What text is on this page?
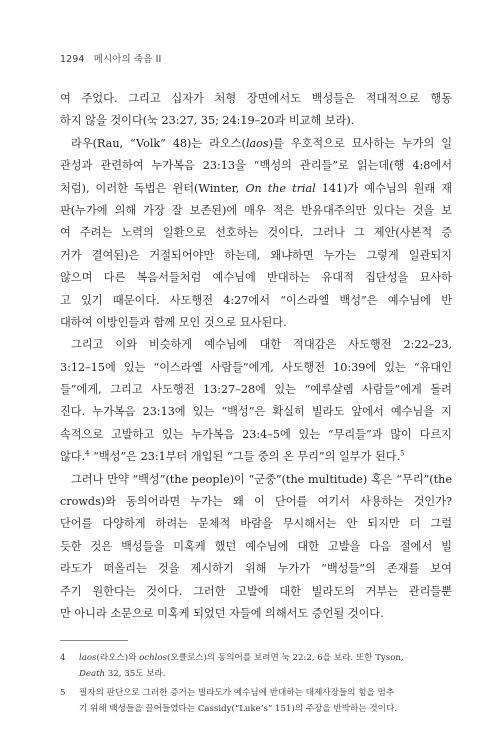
1294 메시아의 죽음 II
여 주었다. 그리고 십자가 처형 장면에서도 백성들은 적대적으로 행동
하지 않을 것이다(눅 23:27, 35; 24:19–20과 비교해 보라).
라우(Rau, “Volk” 48)는 라오스(laos)를 우호적으로 묘사하는 누가의 일
관성과 관련하여 누가복음 23:13을 “백성의 관리들”로 읽는데(행 4:8에서
처럼), 이러한 독법은 윈터(Winter, On the trial 141)가 예수님의 원래 재
판(누가에 의해 가장 잘 보존된)에 매우 적은 반유대주의만 있다는 것을 보
여 주려는 노력의 일환으로 선호하는 것이다. 그러나 그 제안(사본적 증
거가 결여된)은 거절되어야만 하는데, 왜냐하면 누가는 그렇게 일관되지
않으며 다른 복음서들처럼 예수님에 반대하는 유대적 집단성을 묘사하
고 있기 때문이다. 사도행전 4:27에서 “이스라엘 백성”은 예수님에 반
대하여 이방인들과 함께 모인 것으로 묘사된다.
그리고 이와 비슷하게 예수님에 대한 적대감은 사도행전 2:22–23,
3:12–15에 있는 “이스라엘 사람들”에게, 사도행전 10:39에 있는 “유대인
들”에게, 그리고 사도행전 13:27–28에 있는 “예루살렘 사람들”에게 돌려
진다. 누가복음 23:13에 있는 “백성”은 확실히 빌라도 앞에서 예수님을 지
속적으로 고발하고 있는 누가복음 23:4–5에 있는 “무리들”과 많이 다르지
않다.$^4$ “백성”은 23:1부터 개입된 “그들 중의 온 무리”의 일부가 된다.$^5$
그러나 만약 “백성”(the people)이 “군중”(the multitude) 혹은 “무리”(the
crowds)와 동의어라면 누가는 왜 이 단어를 여기서 사용하는 것인가?
단어를 다양하게 하려는 문체적 바람을 무시해서는 안 되지만 더 그럴
듯한 것은 백성들을 미혹케 했던 예수님에 대한 고발을 다음 절에서 빌
라도가 떠올리는 것을 제시하기 위해 누가가 “백성들”의 존재를 보여
주기 원한다는 것이다. 그러한 고발에 대한 빌라도의 거부는 관리들뿐
만 아니라 소문으로 미혹케 되었던 자들에 의해서도 증언될 것이다.
4 laos(라오스)와 ochlos(오클로스)의 동의어를 보려면 눅 22:2, 6을 보라. 또한 Tyson,
Death 32, 35도 보라.
5 필자의 판단으로 그러한 증거는 빌라도가 예수님에 반대하는 대제사장들의 힘을 멈추
기 위해 백성들을 끌어들였다는 Cassidy(“Luke’s” 151)의 주장을 반박하는 것이다.
